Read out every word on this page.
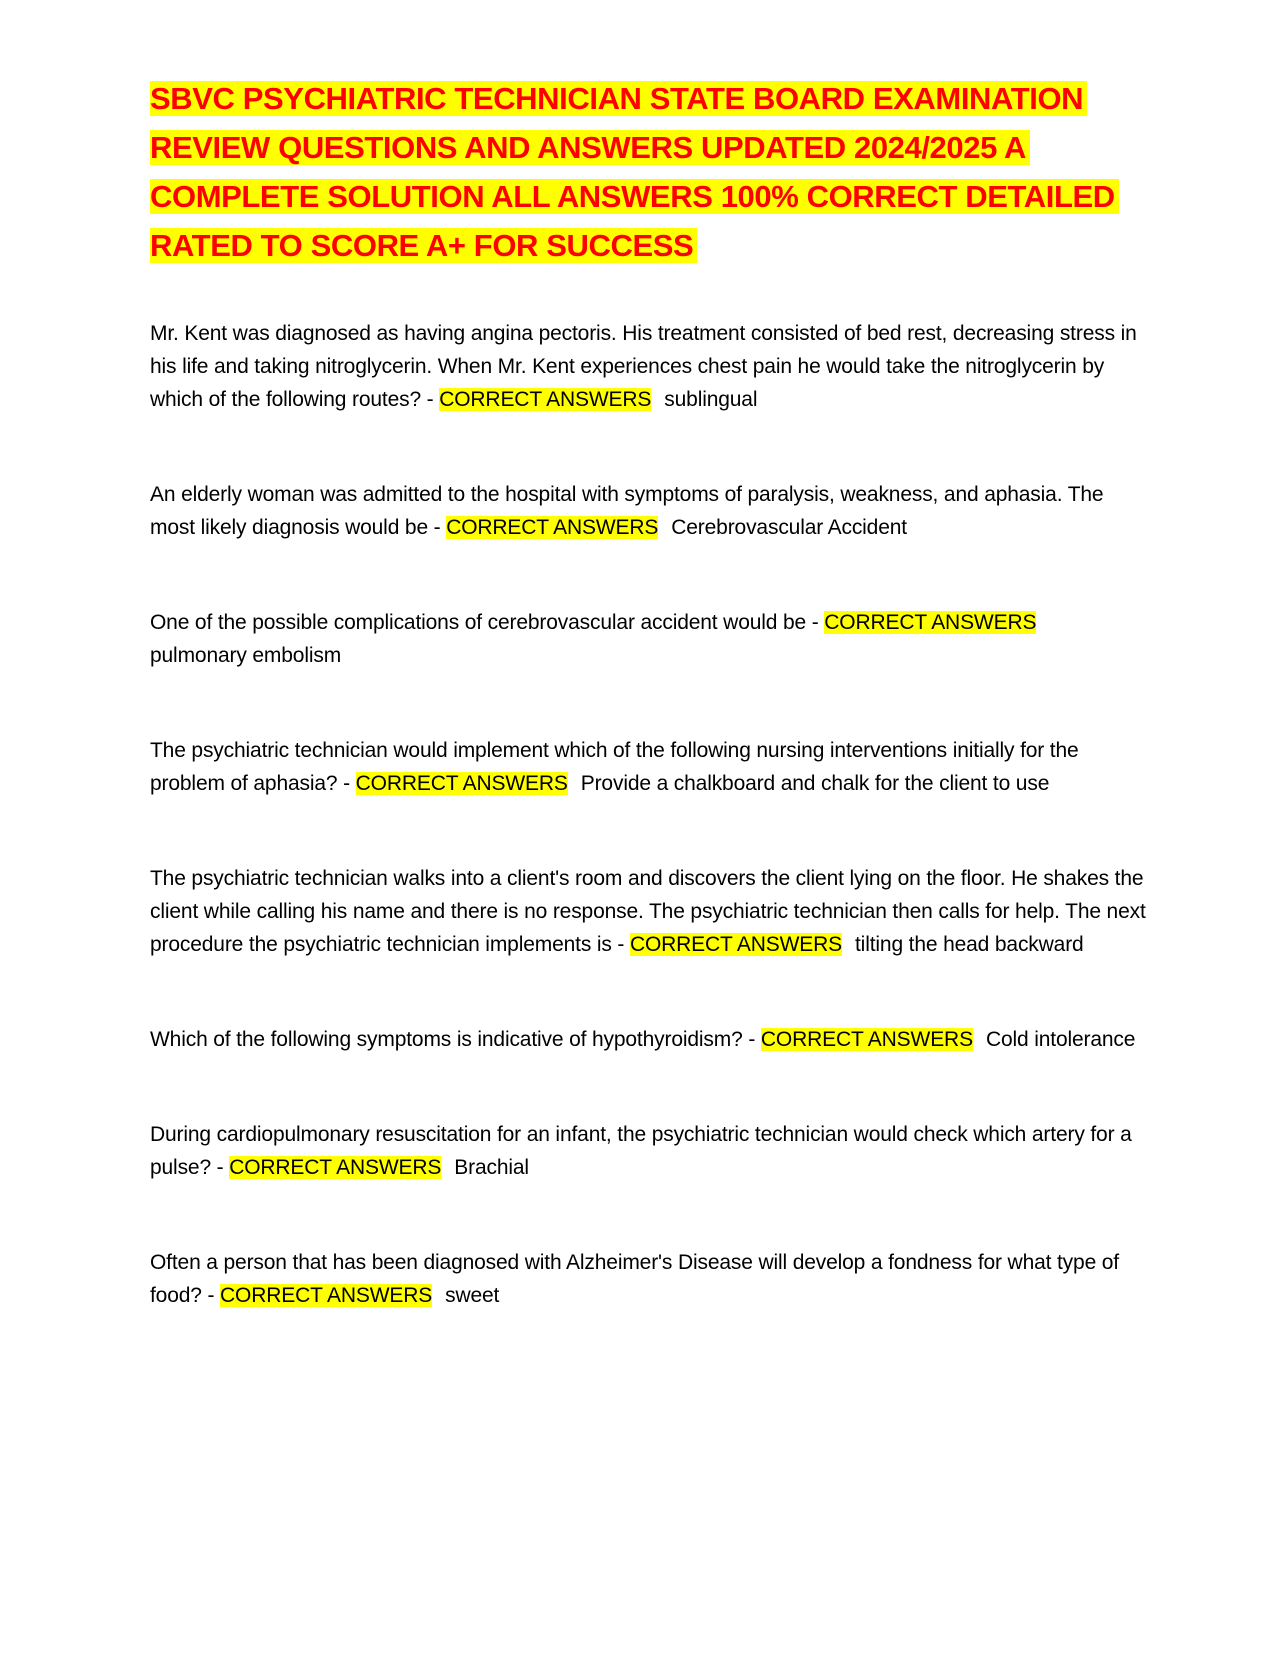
SBVC PSYCHIATRIC TECHNICIAN STATE BOARD EXAMINATION REVIEW QUESTIONS AND ANSWERS UPDATED 2024/2025 A COMPLETE SOLUTION ALL ANSWERS 100% CORRECT DETAILED RATED TO SCORE A+ FOR SUCCESS

Mr. Kent was diagnosed as having angina pectoris. His treatment consisted of bed rest, decreasing stress in his life and taking nitroglycerin. When Mr. Kent experiences chest pain he would take the nitroglycerin by which of the following routes? - CORRECT ANSWERS sublingual

An elderly woman was admitted to the hospital with symptoms of paralysis, weakness, and aphasia. The most likely diagnosis would be - CORRECT ANSWERS Cerebrovascular Accident

One of the possible complications of cerebrovascular accident would be - CORRECT ANSWERS
pulmonary embolism

The psychiatric technician would implement which of the following nursing interventions initially for the problem of aphasia? - CORRECT ANSWERS Provide a chalkboard and chalk for the client to use

The psychiatric technician walks into a client's room and discovers the client lying on the floor. He shakes the client while calling his name and there is no response. The psychiatric technician then calls for help. The next procedure the psychiatric technician implements is - CORRECT ANSWERS tilting the head backward

Which of the following symptoms is indicative of hypothyroidism? - CORRECT ANSWERS Cold intolerance

During cardiopulmonary resuscitation for an infant, the psychiatric technician would check which artery for a pulse? - CORRECT ANSWERS Brachial

Often a person that has been diagnosed with Alzheimer's Disease will develop a fondness for what type of food? - CORRECT ANSWERS sweet
